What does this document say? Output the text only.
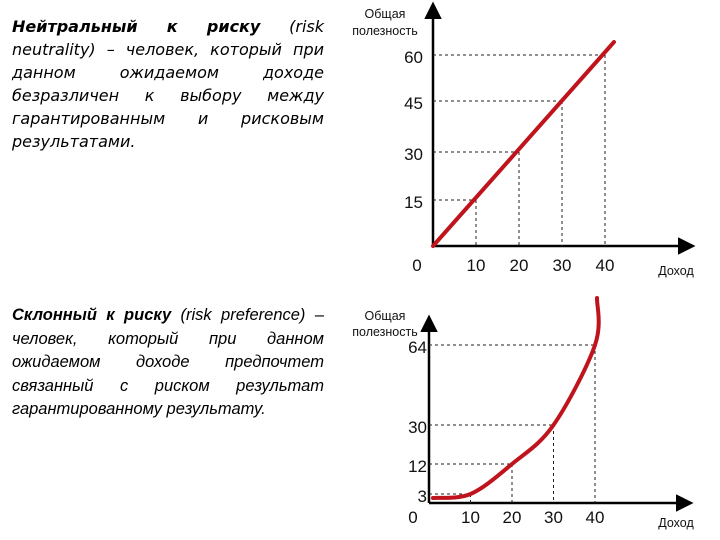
Нейтральный к риску (risk neutrality) – человек, который при данном ожидаемом доходе безразличен к выбору между гарантированным и рисковым результатами.
Склонный к риску (risk preference) – человек, который при данном ожидаемом доходе предпочтет связанный с риском результат гарантированному результату.
0	10 20 30 40
15
30
45
60
Общая
полезность
Доход
0	10 20 30 40
3
12
30
64
Общая
полезность
Доход
